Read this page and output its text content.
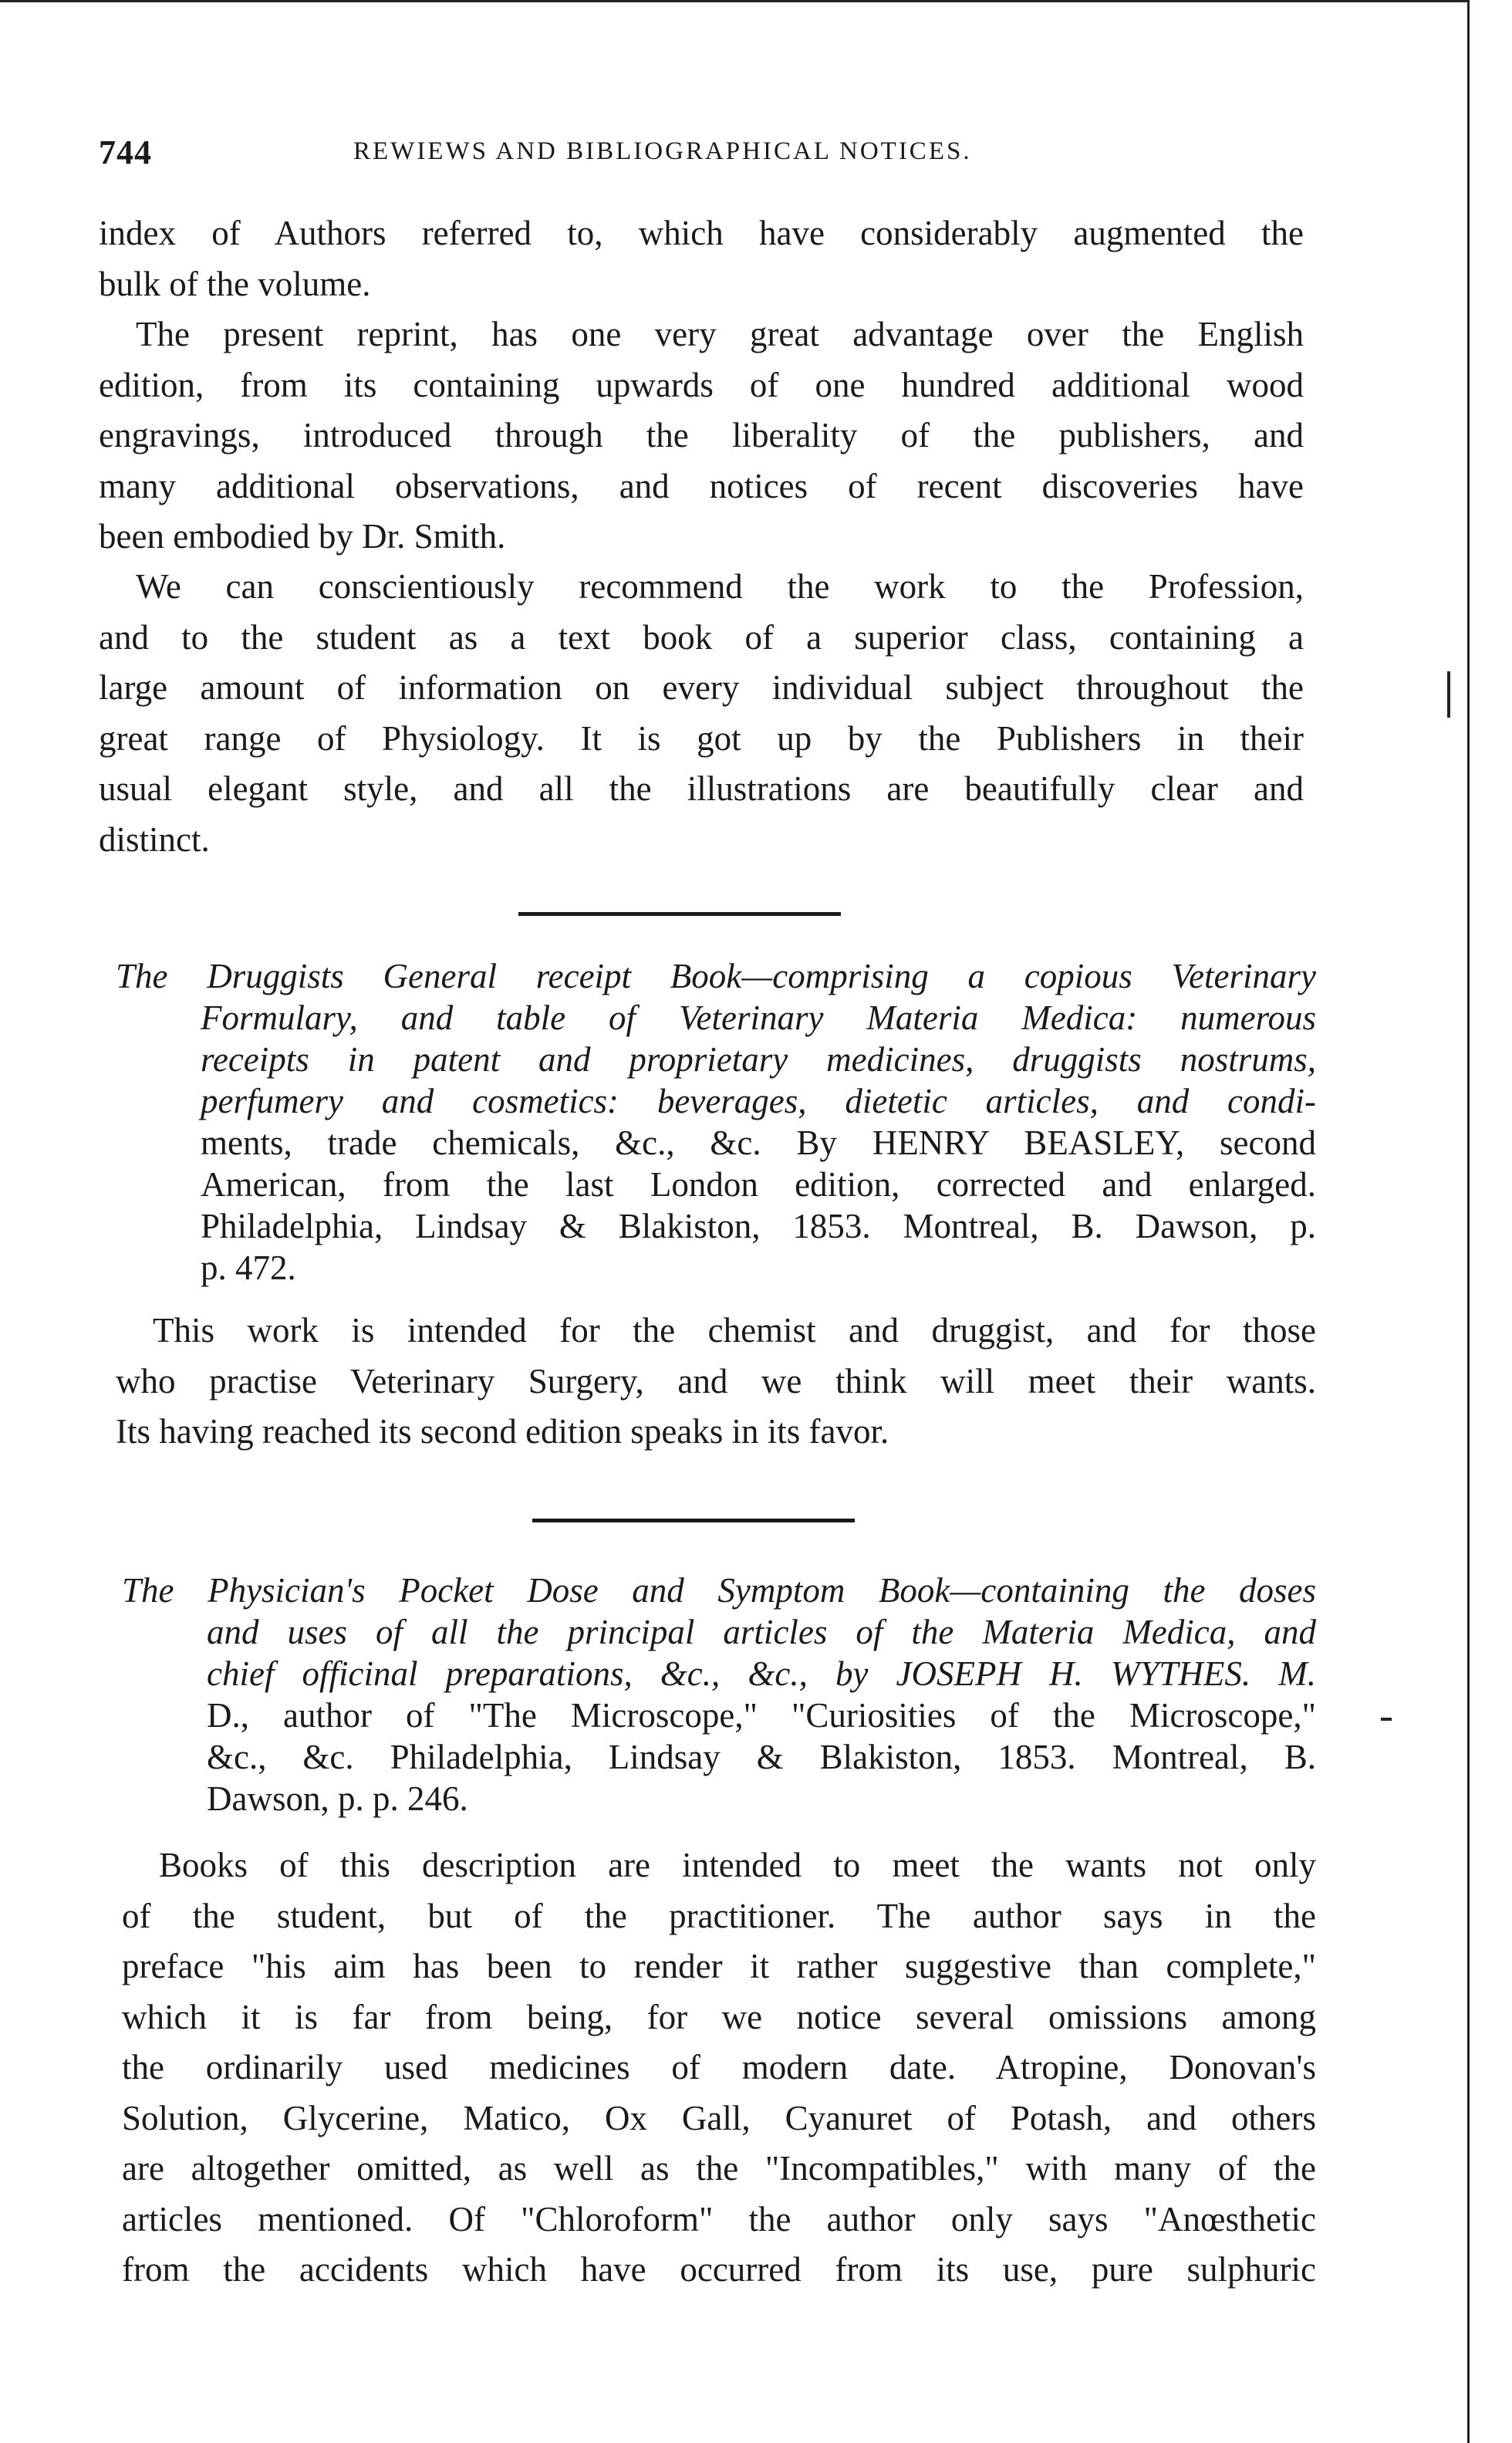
744	REWIEWS AND BIBLIOGRAPHICAL NOTICES.

index of Authors referred to, which have considerably augmented the
bulk of the volume.

The present reprint, has one very great advantage over the English
edition, from its containing upwards of one hundred additional wood
engravings, introduced through the liberality of the publishers, and
many additional observations, and notices of recent discoveries have
been embodied by Dr. Smith.

We can conscientiously recommend the work to the Profession,
and to the student as a text book of a superior class, containing a
large amount of information on every individual subject throughout the
great range of Physiology. It is got up by the Publishers in their
usual elegant style, and all the illustrations are beautifully clear and
distinct.

The Druggists General receipt Book—comprising a copious Veterinary
Formulary, and table of Veterinary Materia Medica: numerous
receipts in patent and proprietary medicines, druggists nostrums,
perfumery and cosmetics: beverages, dietetic articles, and condi-
ments, trade chemicals, &c., &c. By HENRY BEASLEY, second
American, from the last London edition, corrected and enlarged.
Philadelphia, Lindsay & Blakiston, 1853. Montreal, B. Dawson, p.
p. 472.

This work is intended for the chemist and druggist, and for those
who practise Veterinary Surgery, and we think will meet their wants.
Its having reached its second edition speaks in its favor.

The Physician's Pocket Dose and Symptom Book—containing the doses
and uses of all the principal articles of the Materia Medica, and
chief officinal preparations, &c., &c., by JOSEPH H. WYTHES. M.
D., author of "The Microscope," "Curiosities of the Microscope,"
&c., &c. Philadelphia, Lindsay & Blakiston, 1853. Montreal, B.
Dawson, p. p. 246.

Books of this description are intended to meet the wants not only
of the student, but of the practitioner. The author says in the
preface "his aim has been to render it rather suggestive than complete,"
which it is far from being, for we notice several omissions among
the ordinarily used medicines of modern date. Atropine, Donovan's
Solution, Glycerine, Matico, Ox Gall, Cyanuret of Potash, and others
are altogether omitted, as well as the "Incompatibles," with many of the
articles mentioned. Of "Chloroform" the author only says "Anœsthetic
from the accidents which have occurred from its use, pure sulphuric
